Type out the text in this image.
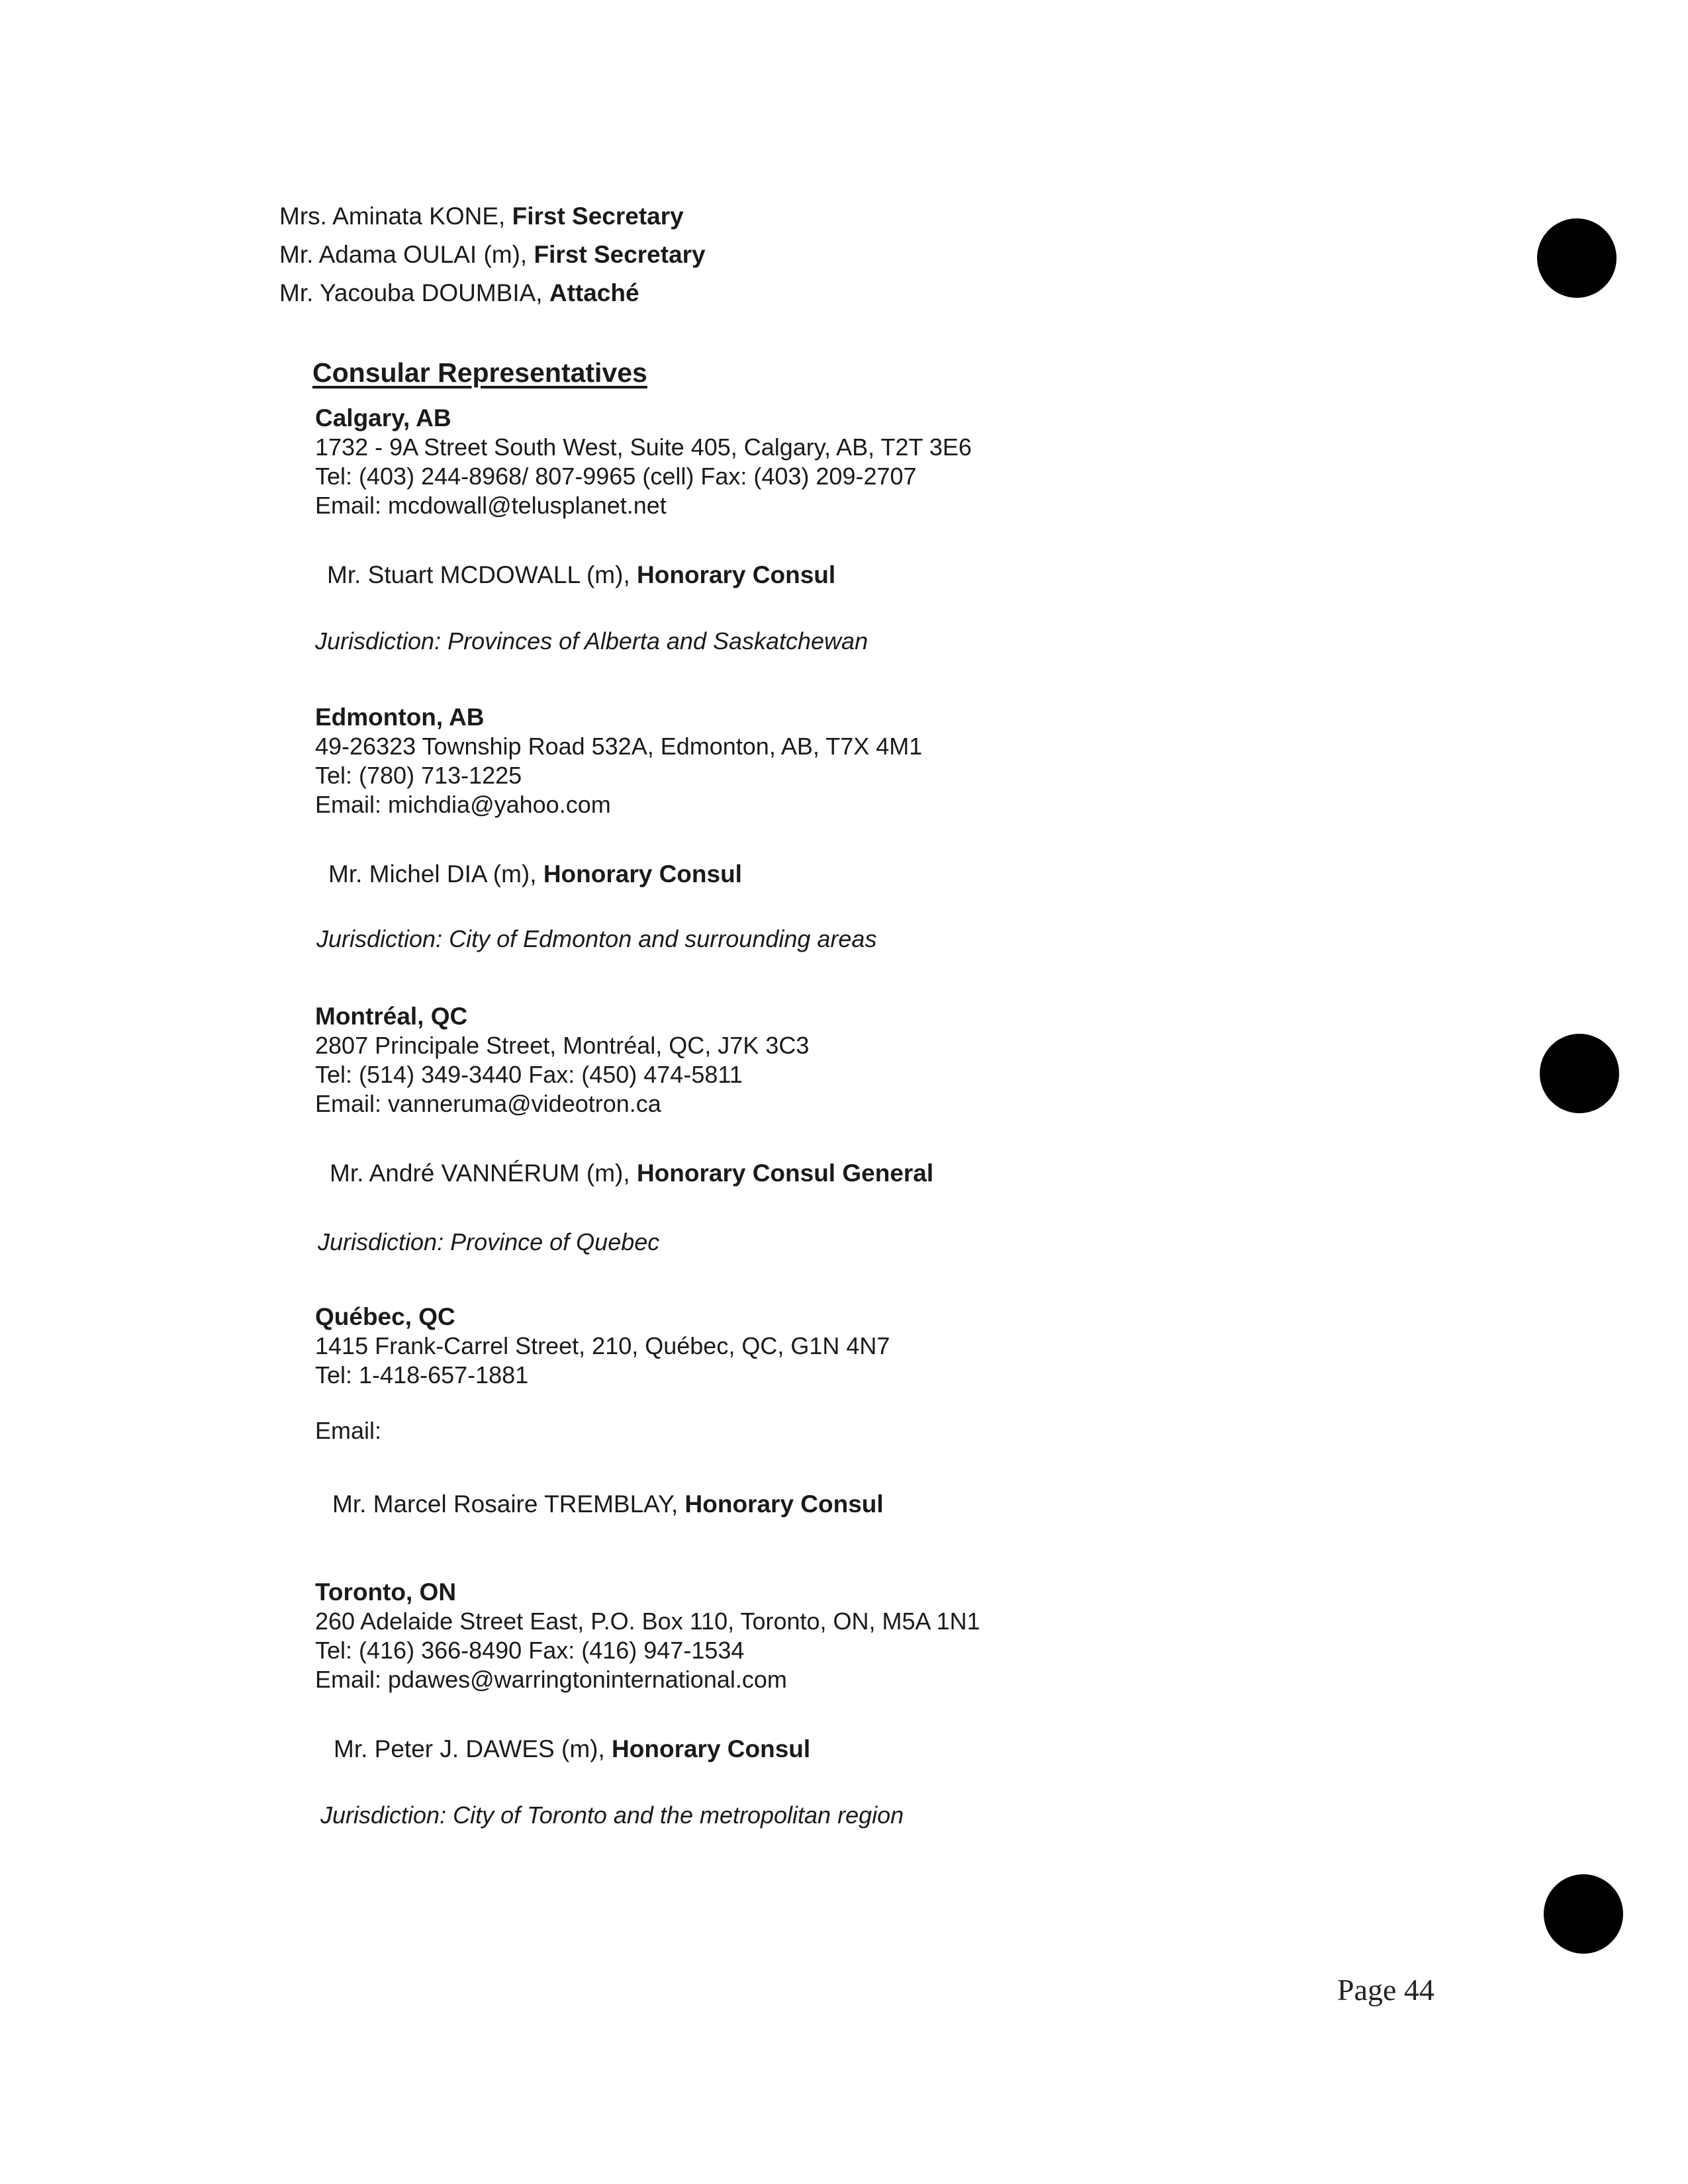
Mrs. Aminata KONE, First Secretary
Mr. Adama OULAI (m), First Secretary
Mr. Yacouba DOUMBIA, Attaché
Consular Representatives
Calgary, AB
1732 - 9A Street South West, Suite 405, Calgary, AB, T2T 3E6
Tel: (403) 244-8968/ 807-9965 (cell) Fax: (403) 209-2707
Email: mcdowall@telusplanet.net
Mr. Stuart MCDOWALL (m), Honorary Consul
Jurisdiction: Provinces of Alberta and Saskatchewan
Edmonton, AB
49-26323 Township Road 532A, Edmonton, AB, T7X 4M1
Tel: (780) 713-1225
Email: michdia@yahoo.com
Mr. Michel DIA (m), Honorary Consul
Jurisdiction: City of Edmonton and surrounding areas
Montréal, QC
2807 Principale Street, Montréal, QC, J7K 3C3
Tel: (514) 349-3440 Fax: (450) 474-5811
Email: vanneruma@videotron.ca
Mr. André VANNÉRUM (m), Honorary Consul General
Jurisdiction: Province of Quebec
Québec, QC
1415 Frank-Carrel Street, 210, Québec, QC, G1N 4N7
Tel: 1-418-657-1881
Email:
Mr. Marcel Rosaire TREMBLAY, Honorary Consul
Toronto, ON
260 Adelaide Street East, P.O. Box 110, Toronto, ON, M5A 1N1
Tel: (416) 366-8490 Fax: (416) 947-1534
Email: pdawes@warringtoninternational.com
Mr. Peter J. DAWES (m), Honorary Consul
Jurisdiction: City of Toronto and the metropolitan region
Page 44
